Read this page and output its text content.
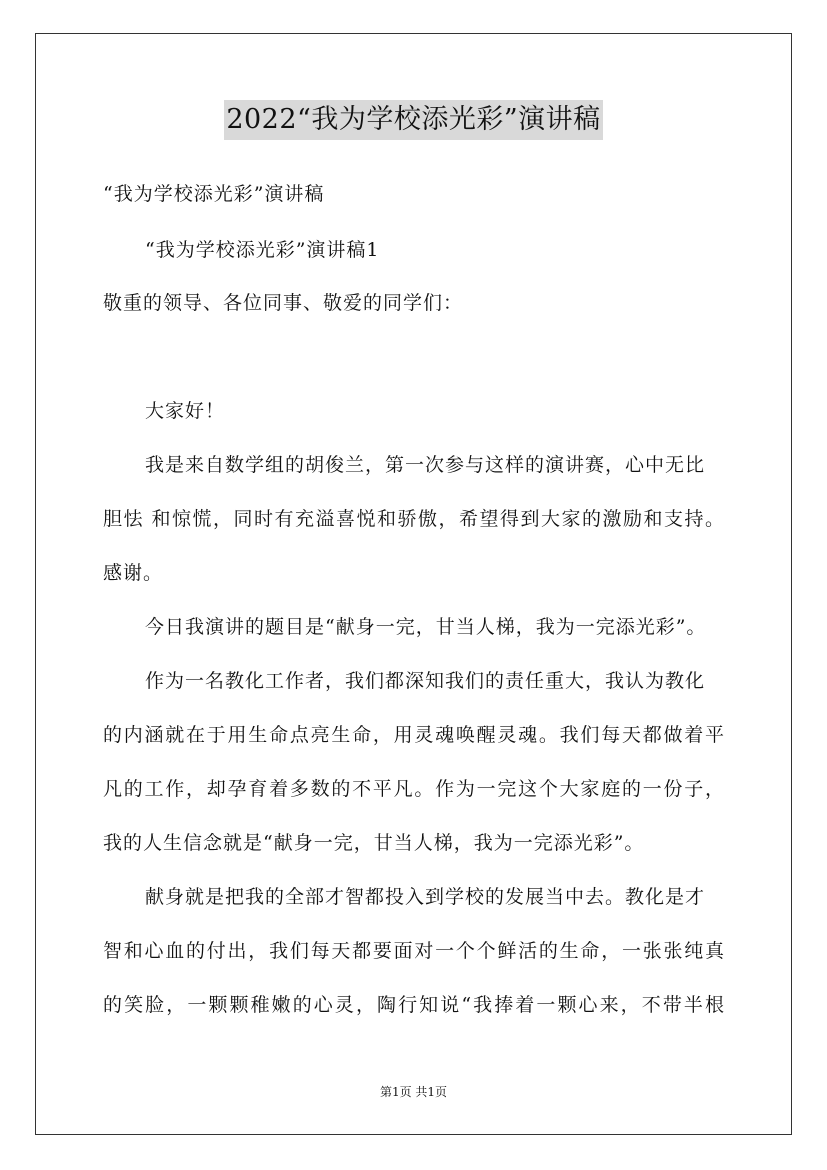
2022“我为学校添光彩”演讲稿
“我为学校添光彩”演讲稿
“我为学校添光彩”演讲稿1
敬重的领导、各位同事、敬爱的同学们：
大家好！
我是来自数学组的胡俊兰，第一次参与这样的演讲赛，心中无比
胆怯 和惊慌，同时有充溢喜悦和骄傲，希望得到大家的激励和支持。
感谢。
今日我演讲的题目是“献身一完，甘当人梯，我为一完添光彩”。
作为一名教化工作者，我们都深知我们的责任重大，我认为教化
的内涵就在于用生命点亮生命，用灵魂唤醒灵魂。我们每天都做着平
凡的工作，却孕育着多数的不平凡。作为一完这个大家庭的一份子，
我的人生信念就是“献身一完，甘当人梯，我为一完添光彩”。
献身就是把我的全部才智都投入到学校的发展当中去。教化是才
智和心血的付出，我们每天都要面对一个个鲜活的生命，一张张纯真
的笑脸，一颗颗稚嫩的心灵，陶行知说“我捧着一颗心来，不带半根
第1页 共1页
